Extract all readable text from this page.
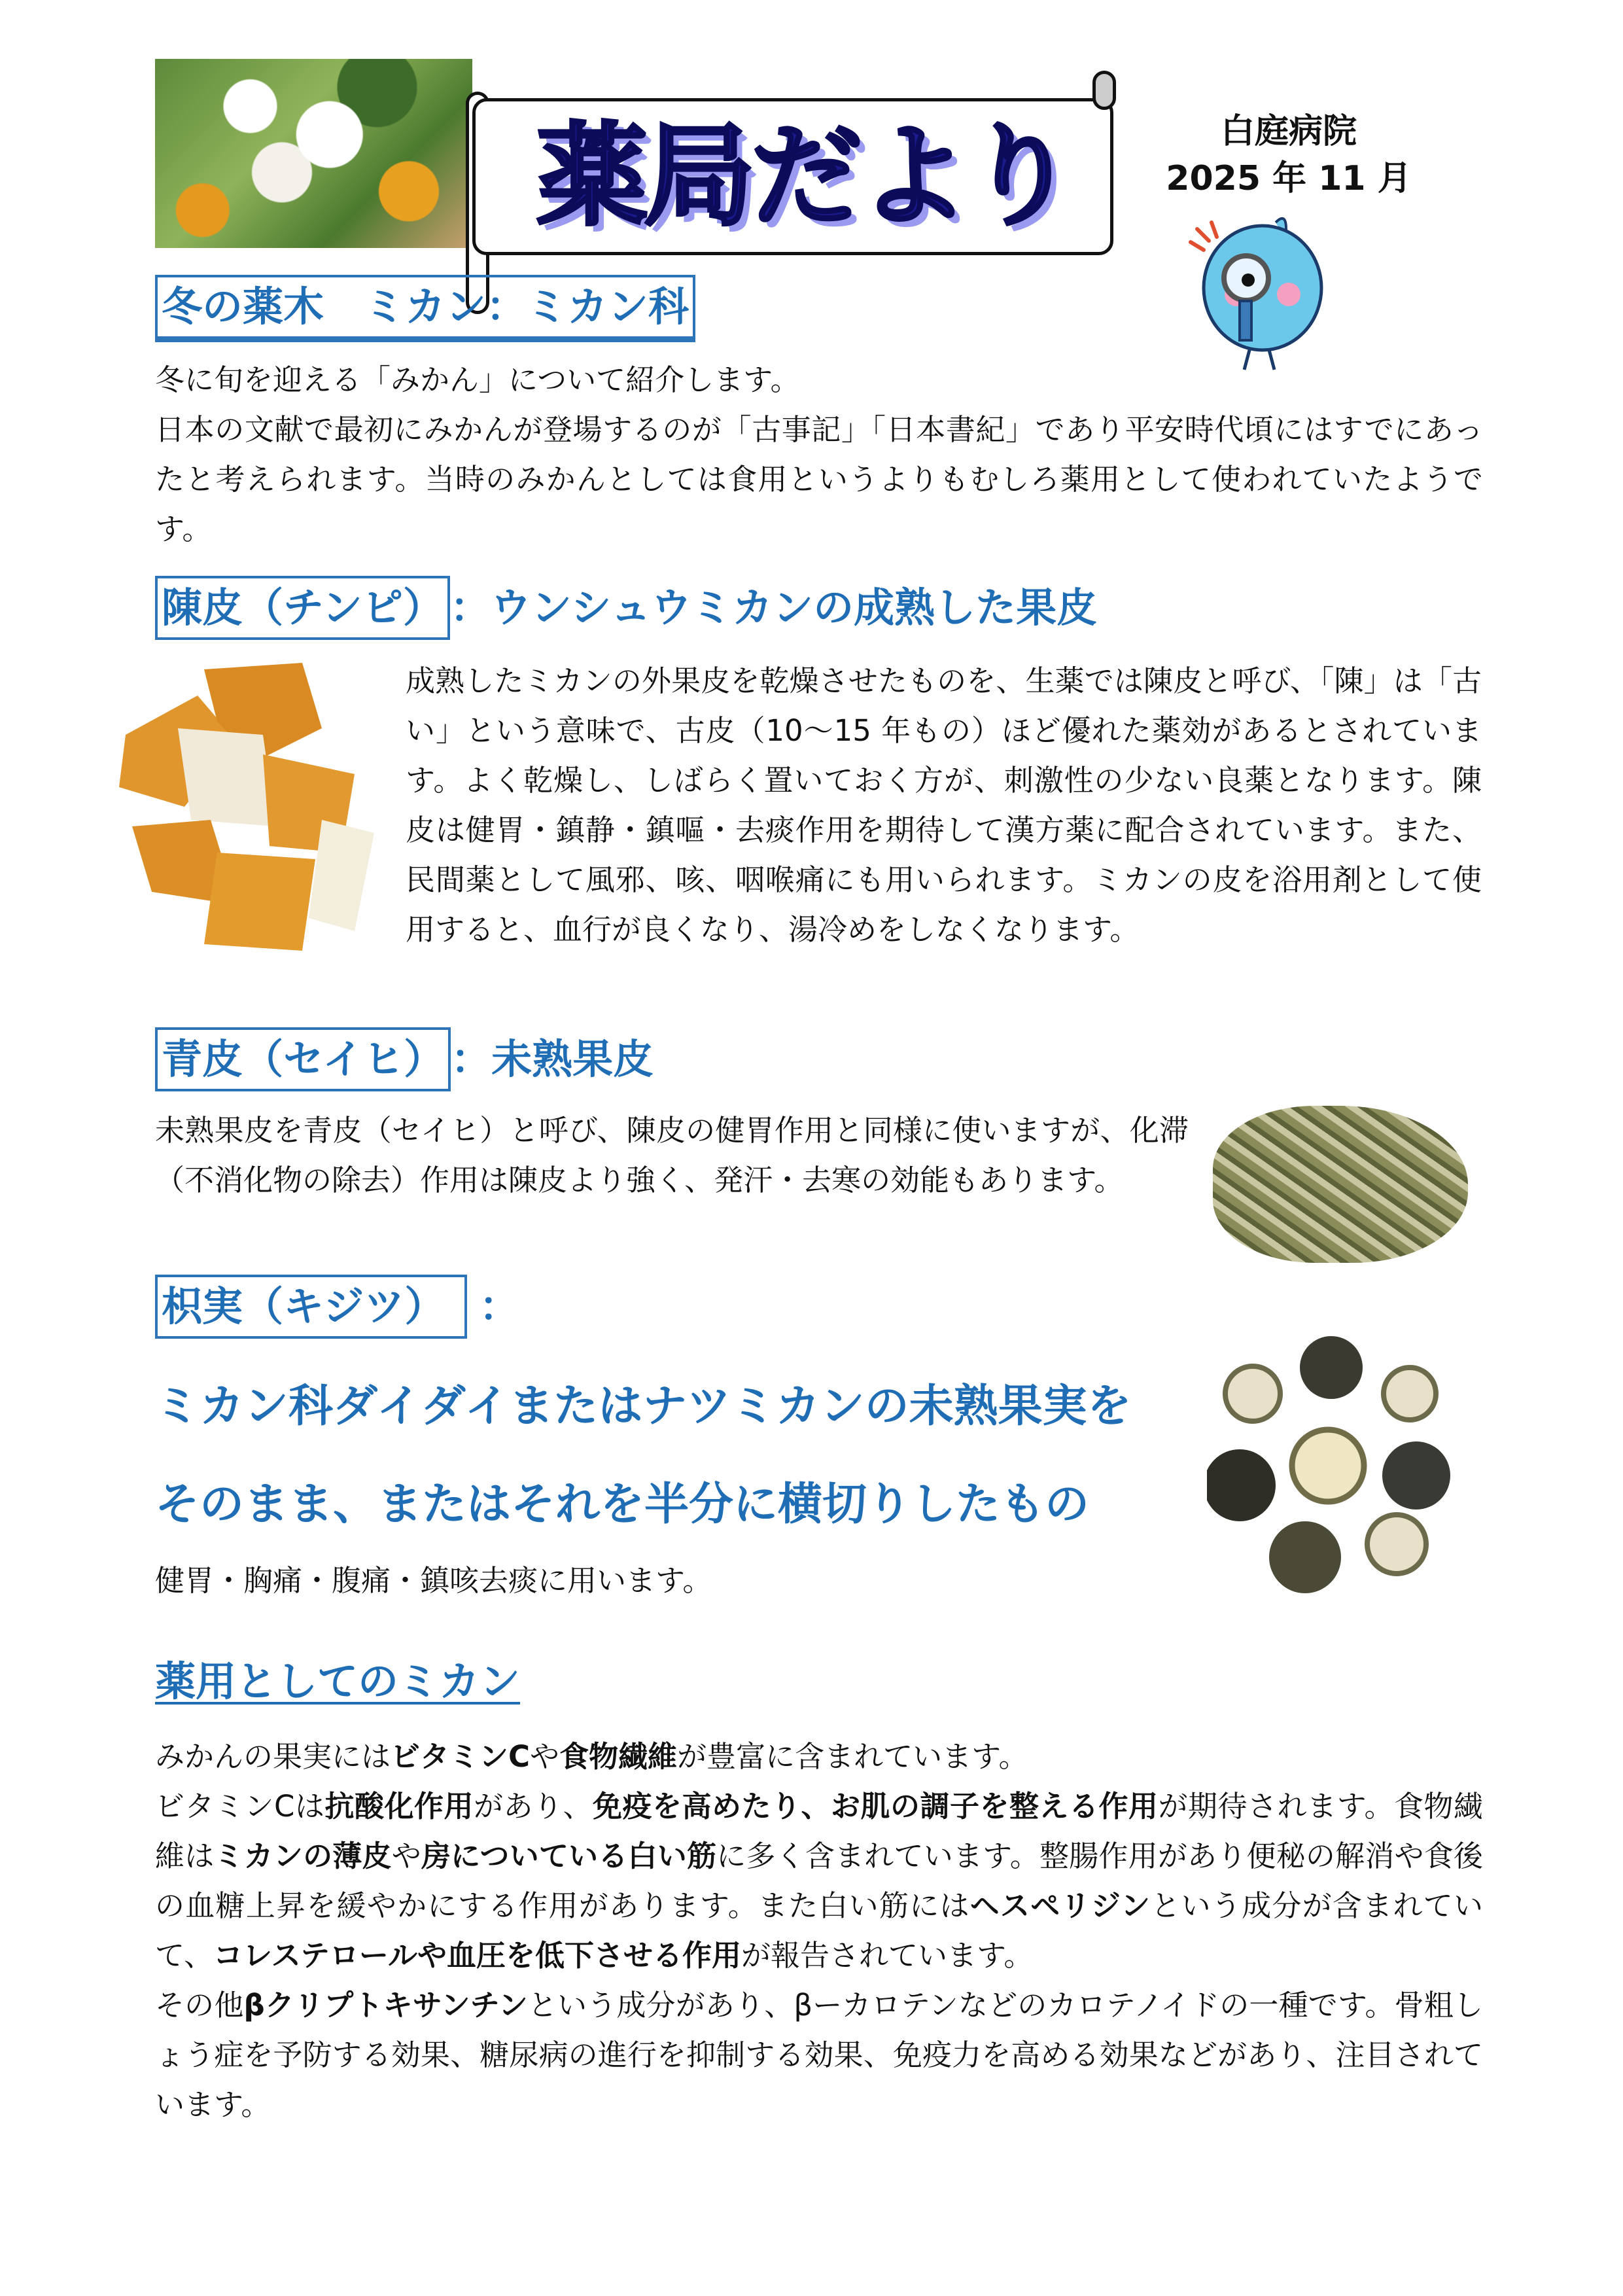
薬局だより	白庭病院
2025 年 11 月
冬の薬木　ミカン：ミカン科
冬に旬を迎える「みかん」について紹介します。
日本の文献で最初にみかんが登場するのが「古事記」「日本書紀」であり平安時代頃にはすでにあったと考えられます。当時のみかんとしては食用というよりもむしろ薬用として使われていたようです。
陳皮（チンピ） ：ウンシュウミカンの成熟した果皮
成熟したミカンの外果皮を乾燥させたものを、生薬では陳皮と呼び、「陳」は「古い」という意味で、古皮（10～15 年もの）ほど優れた薬効があるとされています。よく乾燥し、しばらく置いておく方が、刺激性の少ない良薬となります。陳皮は健胃・鎮静・鎮嘔・去痰作用を期待して漢方薬に配合されています。また、民間薬として風邪、咳、咽喉痛にも用いられます。ミカンの皮を浴用剤として使用すると、血行が良くなり、湯冷めをしなくなります。
青皮（セイヒ） ：未熟果皮
未熟果皮を青皮（セイヒ）と呼び、陳皮の健胃作用と同様に使いますが、化滞（不消化物の除去）作用は陳皮より強く、発汗・去寒の効能もあります。
枳実（キジツ） ：
ミカン科ダイダイまたはナツミカンの未熟果実を
そのまま、またはそれを半分に横切りしたもの
健胃・胸痛・腹痛・鎮咳去痰に用います。
薬用としてのミカン
みかんの果実にはビタミンCや食物繊維が豊富に含まれています。
ビタミンCは抗酸化作用があり、免疫を高めたり、お肌の調子を整える作用が期待されます。食物繊維はミカンの薄皮や房についている白い筋に多く含まれています。整腸作用があり便秘の解消や食後の血糖上昇を緩やかにする作用があります。また白い筋にはヘスペリジンという成分が含まれていて、コレステロールや血圧を低下させる作用が報告されています。
その他βクリプトキサンチンという成分があり、βーカロテンなどのカロテノイドの一種です。骨粗しょう症を予防する効果、糖尿病の進行を抑制する効果、免疫力を高める効果などがあり、注目されています。
